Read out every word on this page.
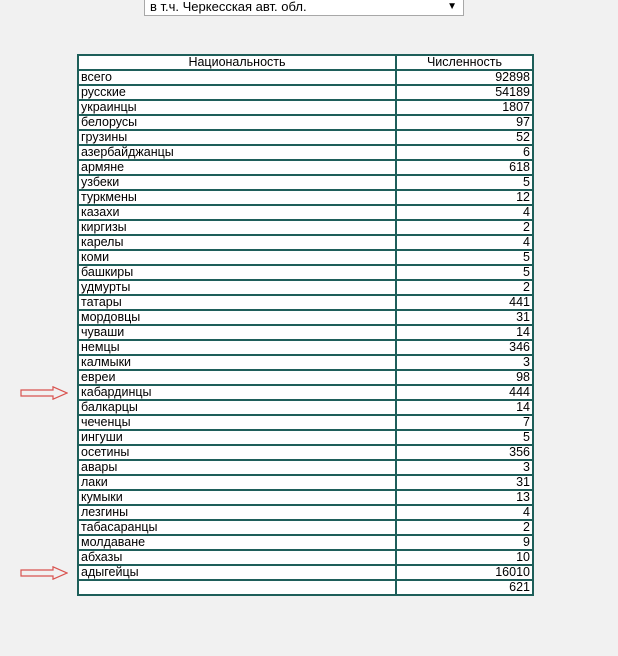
в т.ч. Черкесская авт. обл.	▼
Национальность	Численность
всего	92898
русские	54189
украинцы	1807
белорусы	97
грузины	52
азербайджанцы	6
армяне	618
узбеки	5
туркмены	12
казахи	4
киргизы	2
карелы	4
коми	5
башкиры	5
удмурты	2
татары	441
мордовцы	31
чуваши	14
немцы	346
калмыки	3
евреи	98
кабардинцы	444
балкарцы	14
чеченцы	7
ингуши	5
осетины	356
авары	3
лаки	31
кумыки	13
лезгины	4
табасаранцы	2
молдаване	9
абхазы	10
адыгейцы	16010
	621
